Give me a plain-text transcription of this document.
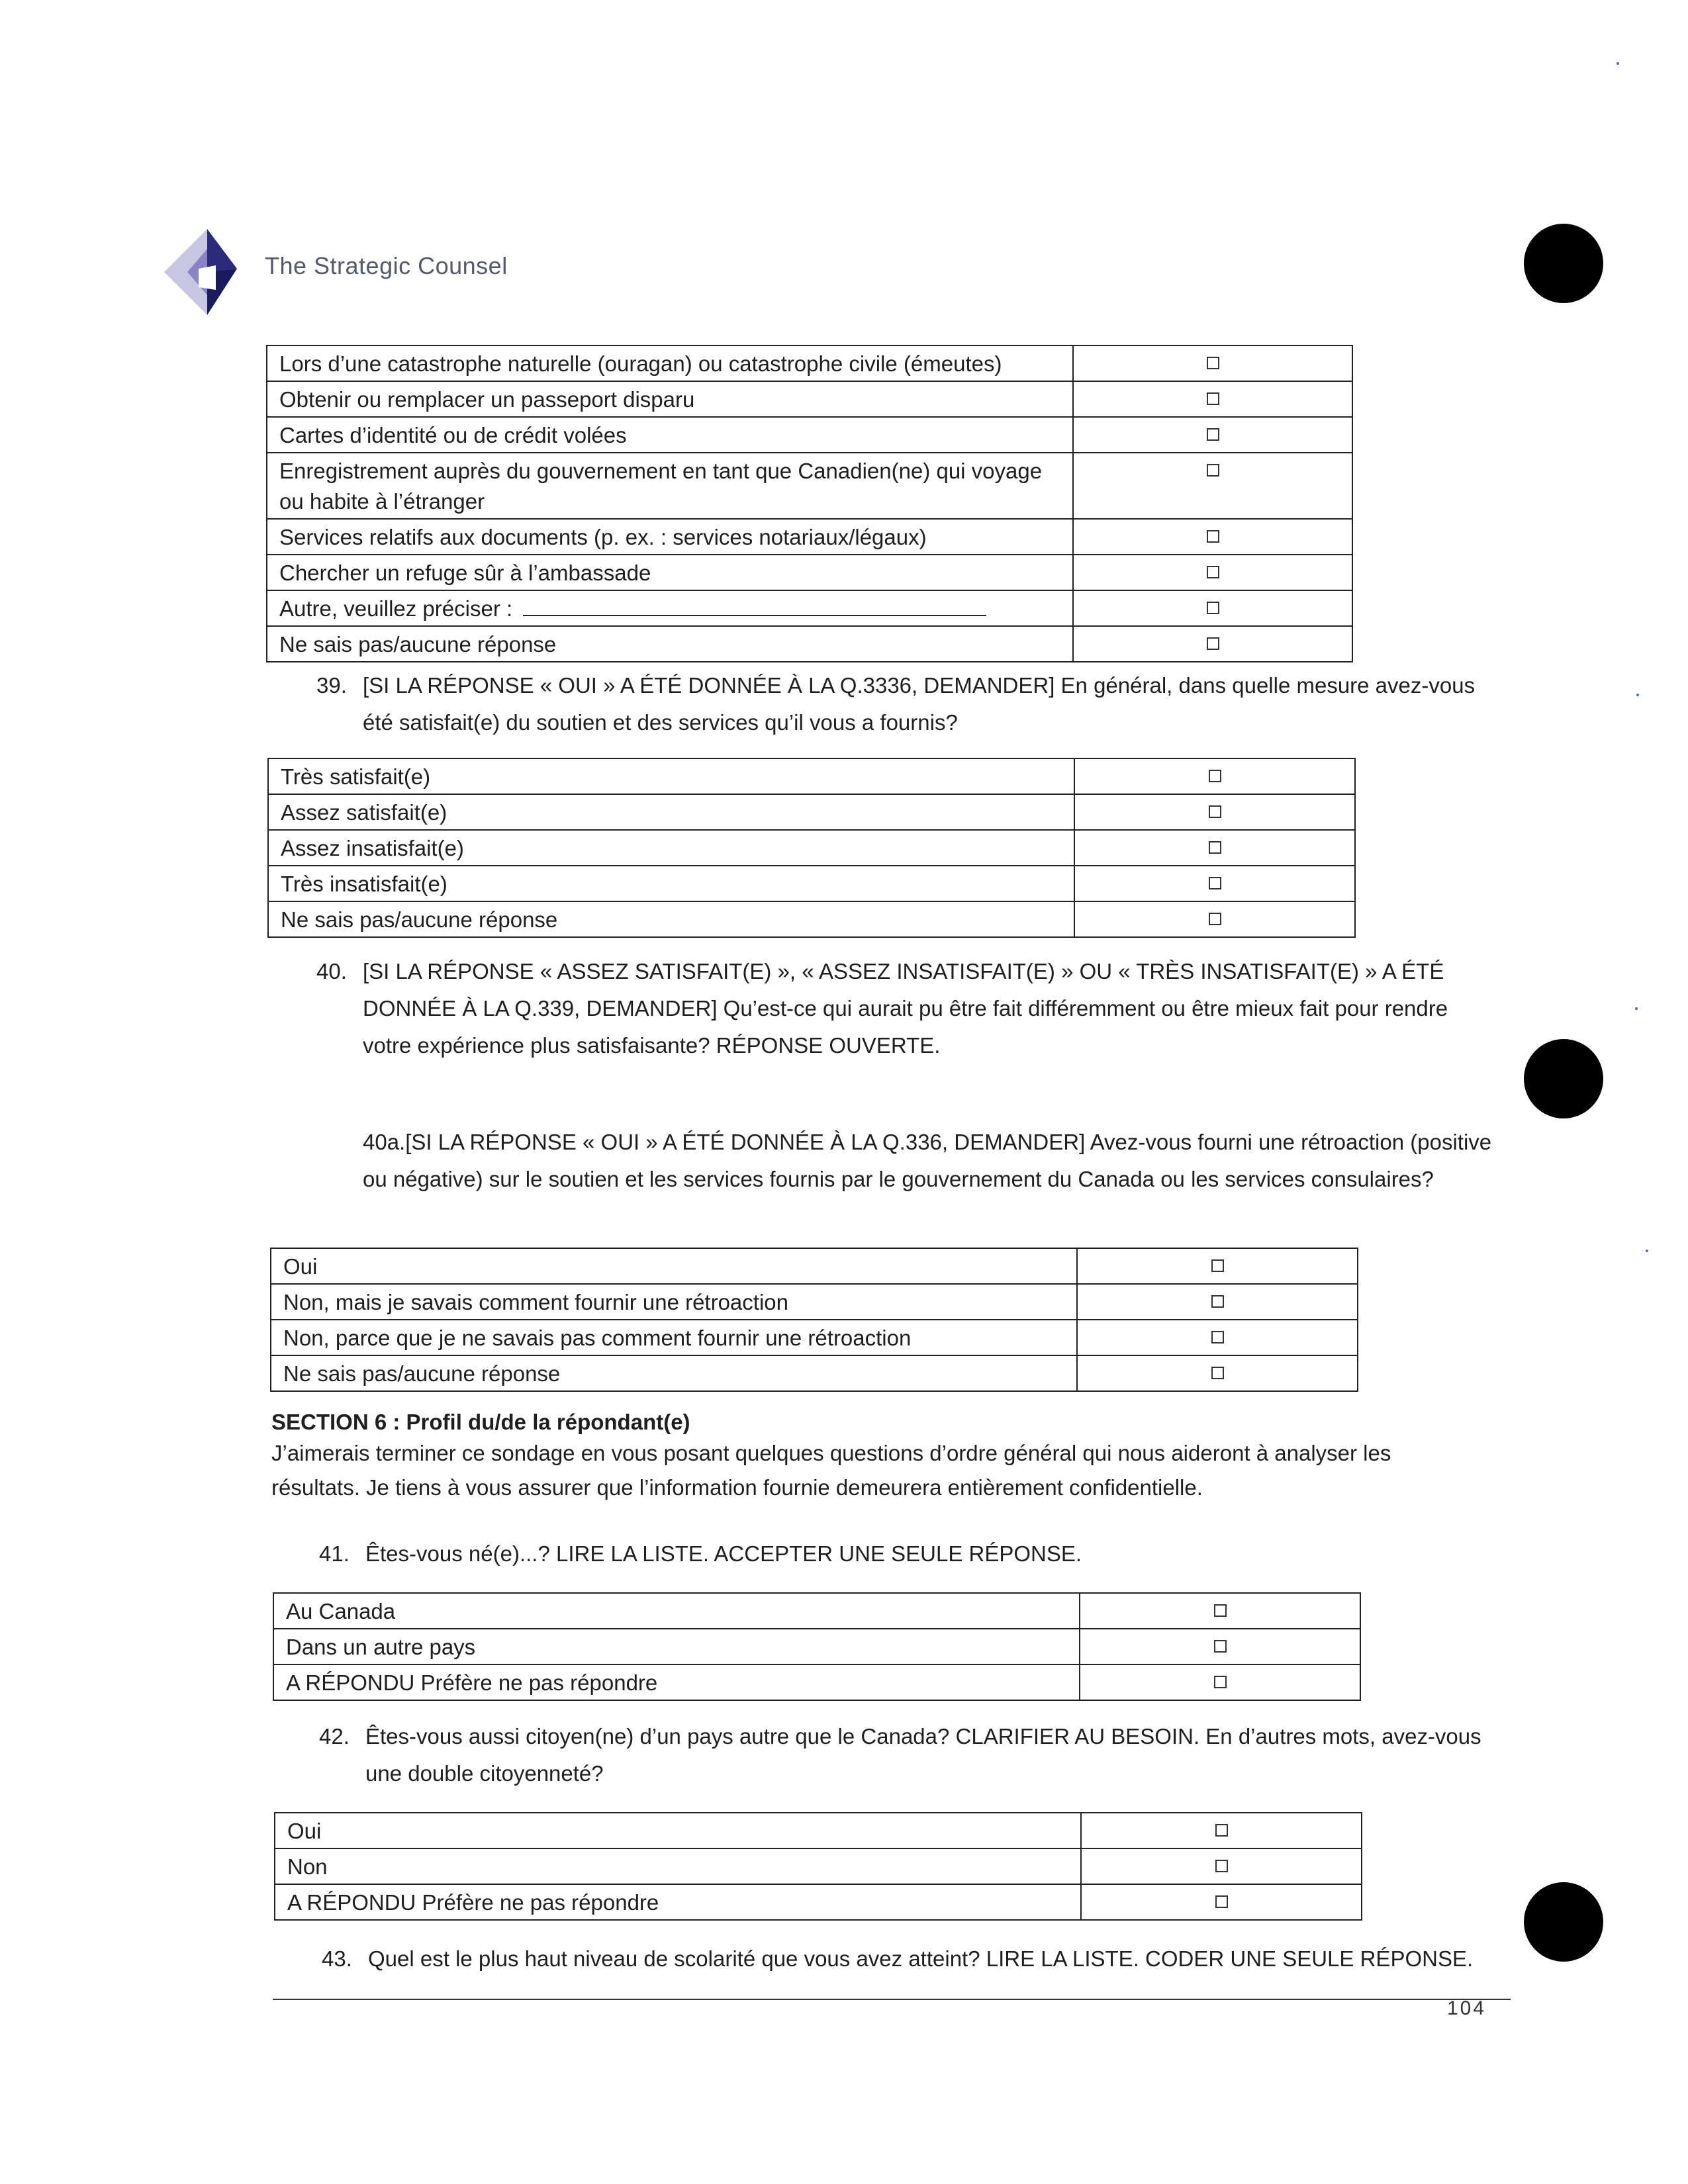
The Strategic Counsel
Lors d’une catastrophe naturelle (ouragan) ou catastrophe civile (émeutes)	
Obtenir ou remplacer un passeport disparu	
Cartes d’identité ou de crédit volées	
Enregistrement auprès du gouvernement en tant que Canadien(ne) qui voyage ou habite à l’étranger	
Services relatifs aux documents (p. ex. : services notariaux/légaux)	
Chercher un refuge sûr à l’ambassade	
Autre, veuillez préciser :	
Ne sais pas/aucune réponse	
39. [SI LA RÉPONSE « OUI » A ÉTÉ DONNÉE À LA Q.3336, DEMANDER] En général, dans quelle mesure avez-vous été satisfait(e) du soutien et des services qu’il vous a fournis?
Très satisfait(e)	
Assez satisfait(e)	
Assez insatisfait(e)	
Très insatisfait(e)	
Ne sais pas/aucune réponse	
40. [SI LA RÉPONSE « ASSEZ SATISFAIT(E) », « ASSEZ INSATISFAIT(E) » OU « TRÈS INSATISFAIT(E) » A ÉTÉ DONNÉE À LA Q.339, DEMANDER] Qu’est-ce qui aurait pu être fait différemment ou être mieux fait pour rendre votre expérience plus satisfaisante? RÉPONSE OUVERTE.
40a.[SI LA RÉPONSE « OUI » A ÉTÉ DONNÉE À LA Q.336, DEMANDER] Avez-vous fourni une rétroaction (positive ou négative) sur le soutien et les services fournis par le gouvernement du Canada ou les services consulaires?
Oui	
Non, mais je savais comment fournir une rétroaction	
Non, parce que je ne savais pas comment fournir une rétroaction	
Ne sais pas/aucune réponse	
SECTION 6 : Profil du/de la répondant(e)
J’aimerais terminer ce sondage en vous posant quelques questions d’ordre général qui nous aideront à analyser les résultats. Je tiens à vous assurer que l’information fournie demeurera entièrement confidentielle.
41. Êtes-vous né(e)...? LIRE LA LISTE. ACCEPTER UNE SEULE RÉPONSE.
Au Canada	
Dans un autre pays	
A RÉPONDU Préfère ne pas répondre	
42. Êtes-vous aussi citoyen(ne) d’un pays autre que le Canada? CLARIFIER AU BESOIN. En d’autres mots, avez-vous une double citoyenneté?
Oui	
Non	
A RÉPONDU Préfère ne pas répondre	
43. Quel est le plus haut niveau de scolarité que vous avez atteint? LIRE LA LISTE. CODER UNE SEULE RÉPONSE.
104
